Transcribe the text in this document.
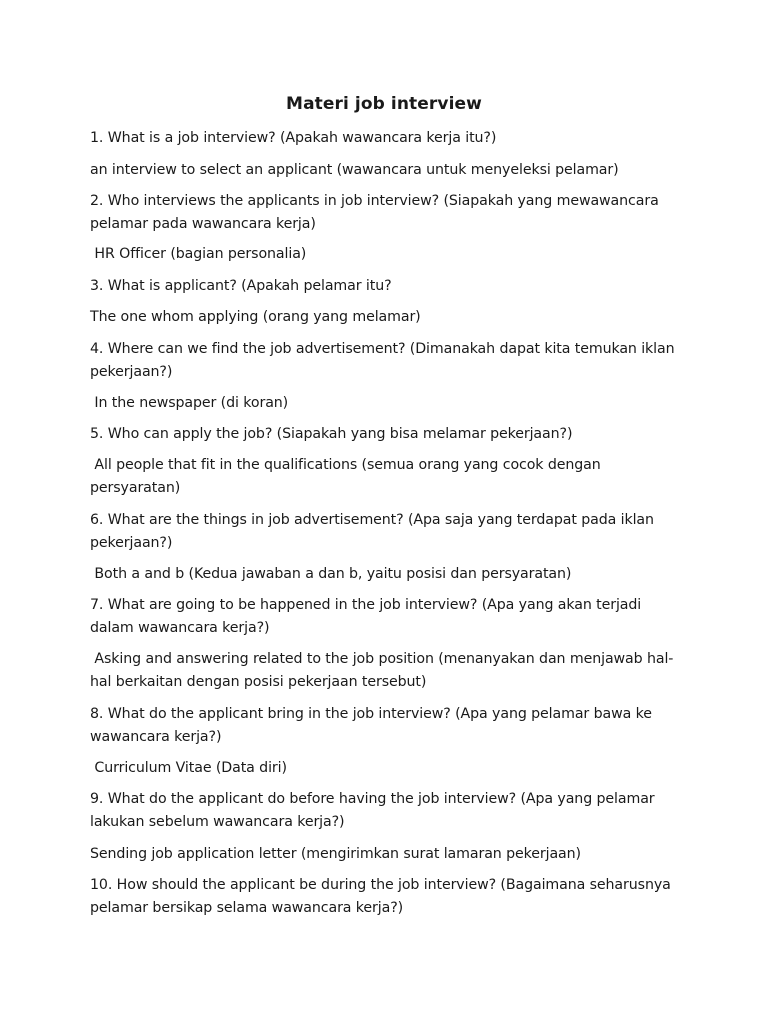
Materi job interview
1. What is a job interview? (Apakah wawancara kerja itu?)
an interview to select an applicant (wawancara untuk menyeleksi pelamar)
2. Who interviews the applicants in job interview? (Siapakah yang mewawancara
pelamar pada wawancara kerja)
HR Officer (bagian personalia)
3. What is applicant? (Apakah pelamar itu?
The one whom applying (orang yang melamar)
4. Where can we find the job advertisement? (Dimanakah dapat kita temukan iklan
pekerjaan?)
In the newspaper (di koran)
5. Who can apply the job? (Siapakah yang bisa melamar pekerjaan?)
All people that fit in the qualifications (semua orang yang cocok dengan
persyaratan)
6. What are the things in job advertisement? (Apa saja yang terdapat pada iklan
pekerjaan?)
Both a and b (Kedua jawaban a dan b, yaitu posisi dan persyaratan)
7. What are going to be happened in the job interview? (Apa yang akan terjadi
dalam wawancara kerja?)
Asking and answering related to the job position (menanyakan dan menjawab hal-
hal berkaitan dengan posisi pekerjaan tersebut)
8. What do the applicant bring in the job interview? (Apa yang pelamar bawa ke
wawancara kerja?)
Curriculum Vitae (Data diri)
9. What do the applicant do before having the job interview? (Apa yang pelamar
lakukan sebelum wawancara kerja?)
Sending job application letter (mengirimkan surat lamaran pekerjaan)
10. How should the applicant be during the job interview? (Bagaimana seharusnya
pelamar bersikap selama wawancara kerja?)
